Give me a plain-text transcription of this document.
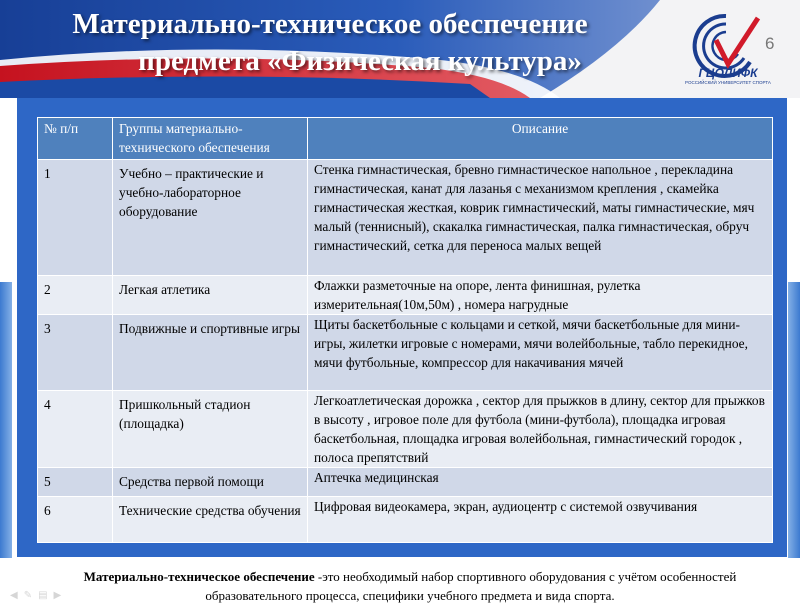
Материально-техническое обеспечение
предмета «Физическая культура»	ГЦОЛИФК
РОССИЙСКИЙ УНИВЕРСИТЕТ СПОРТА
6
№ п/п	Группы материально-технического обеспечения	Описание
1	Учебно – практические и учебно-лабораторное оборудование	Стенка гимнастическая, бревно гимнастическое напольное , перекладина гимнастическая, канат для лазанья с механизмом крепления , скамейка гимнастическая жесткая, коврик гимнастический, маты гимнастические, мяч малый (теннисный), скакалка гимнастическая, палка гимнастическая, обруч гимнастический, сетка для переноса малых вещей
2	Легкая атлетика	Флажки разметочные на опоре, лента финишная, рулетка измерительная(10м,50м) , номера нагрудные
3	Подвижные и спортивные игры	Щиты баскетбольные с кольцами и сеткой, мячи баскетбольные для мини-игры, жилетки игровые с номерами, мячи волейбольные, табло перекидное, мячи футбольные, компрессор для накачивания мячей
4	Пришкольный стадион (площадка)	Легкоатлетическая дорожка , сектор для прыжков в длину, сектор для прыжков в высоту , игровое поле для футбола (мини-футбола), площадка игровая баскетбольная, площадка игровая волейбольная, гимнастический городок , полоса препятствий
5	Средства первой помощи	Аптечка медицинская
6	Технические средства обучения	Цифровая видеокамера, экран, аудиоцентр с системой озвучивания
Материально-техническое обеспечение -это необходимый набор спортивного оборудования с учётом особенностей образовательного процесса, специфики учебного предмета и вида спорта.
◀✎▤▶
